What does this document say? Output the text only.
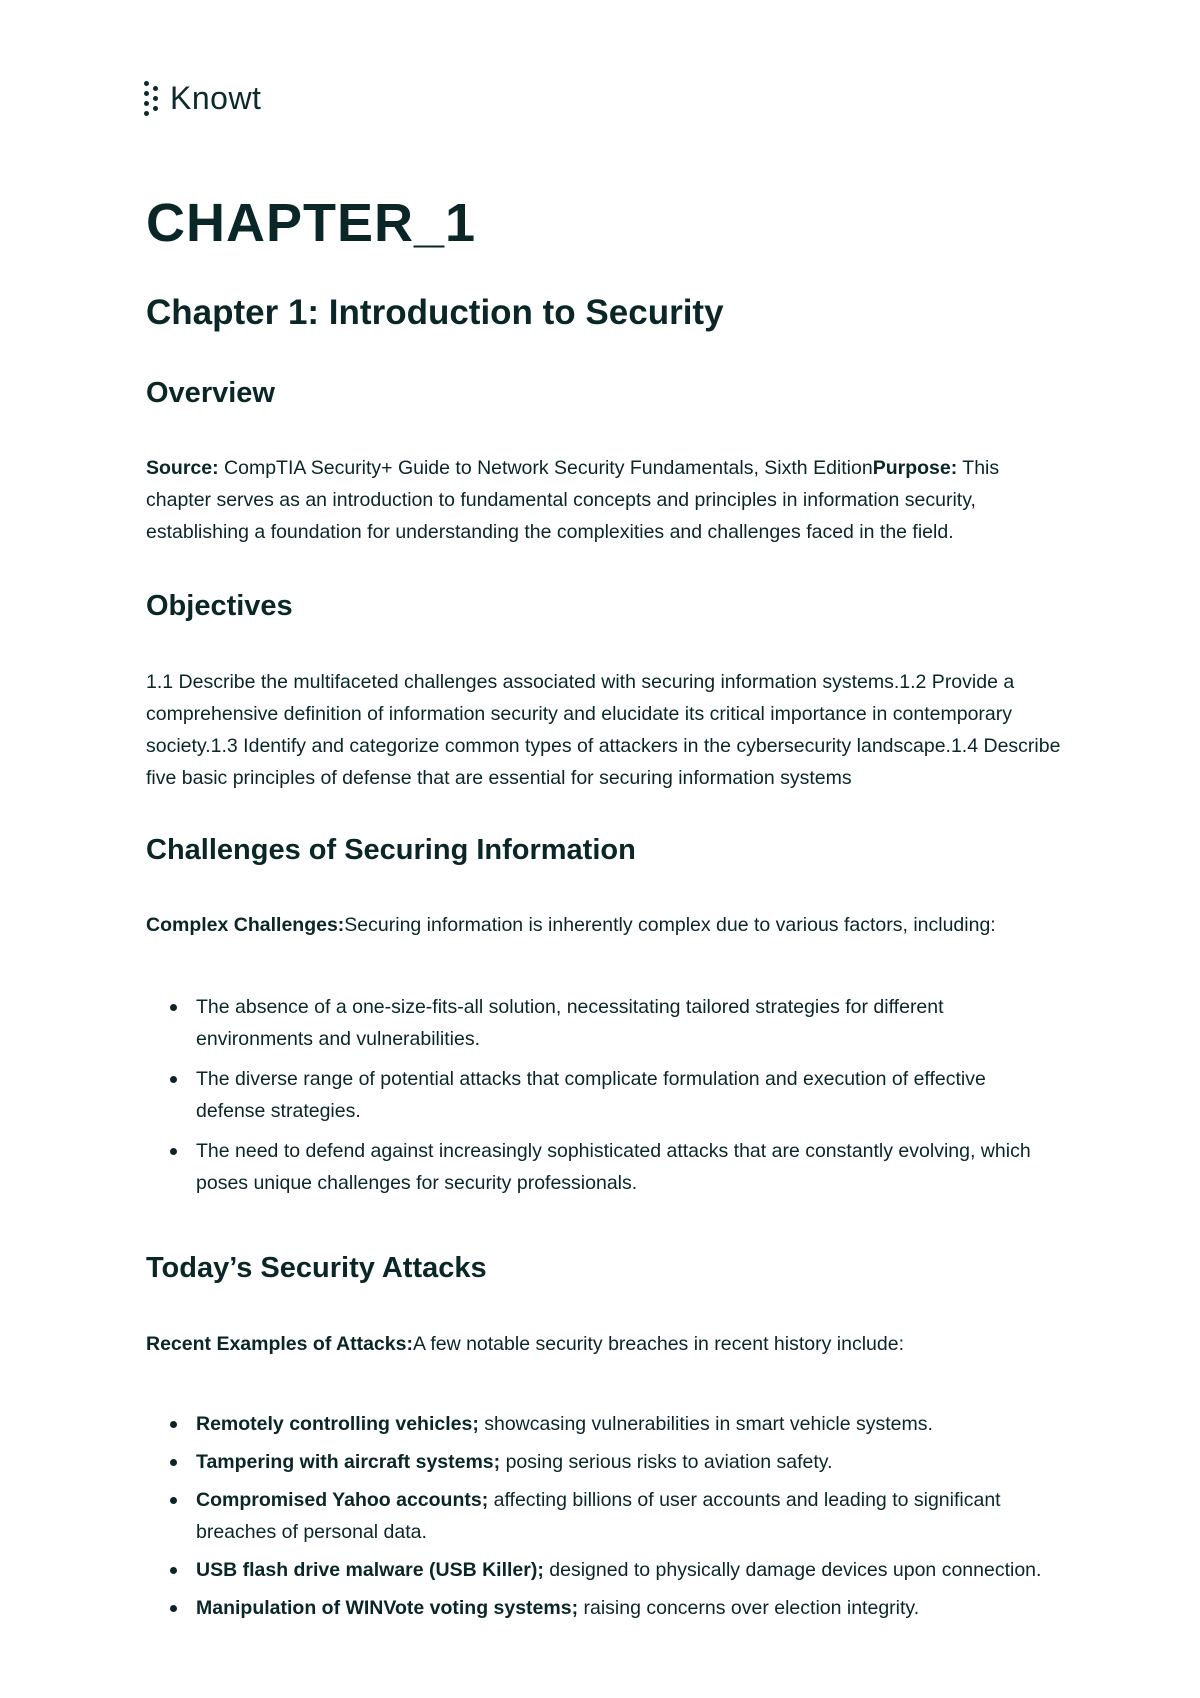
Knowt
CHAPTER_1
Chapter 1: Introduction to Security
Overview

Source: CompTIA Security+ Guide to Network Security Fundamentals, Sixth EditionPurpose: This chapter serves as an introduction to fundamental concepts and principles in information security, establishing a foundation for understanding the complexities and challenges faced in the field.

Objectives

1.1 Describe the multifaceted challenges associated with securing information systems.1.2 Provide a comprehensive definition of information security and elucidate its critical importance in contemporary society.1.3 Identify and categorize common types of attackers in the cybersecurity landscape.1.4 Describe five basic principles of defense that are essential for securing information systems

Challenges of Securing Information

Complex Challenges:Securing information is inherently complex due to various factors, including:

The absence of a one-size-fits-all solution, necessitating tailored strategies for different environments and vulnerabilities.
The diverse range of potential attacks that complicate formulation and execution of effective defense strategies.
The need to defend against increasingly sophisticated attacks that are constantly evolving, which poses unique challenges for security professionals.
Today’s Security Attacks

Recent Examples of Attacks:A few notable security breaches in recent history include:

Remotely controlling vehicles; showcasing vulnerabilities in smart vehicle systems.
Tampering with aircraft systems; posing serious risks to aviation safety.
Compromised Yahoo accounts; affecting billions of user accounts and leading to significant breaches of personal data.
USB flash drive malware (USB Killer); designed to physically damage devices upon connection.
Manipulation of WINVote voting systems; raising concerns over election integrity.
